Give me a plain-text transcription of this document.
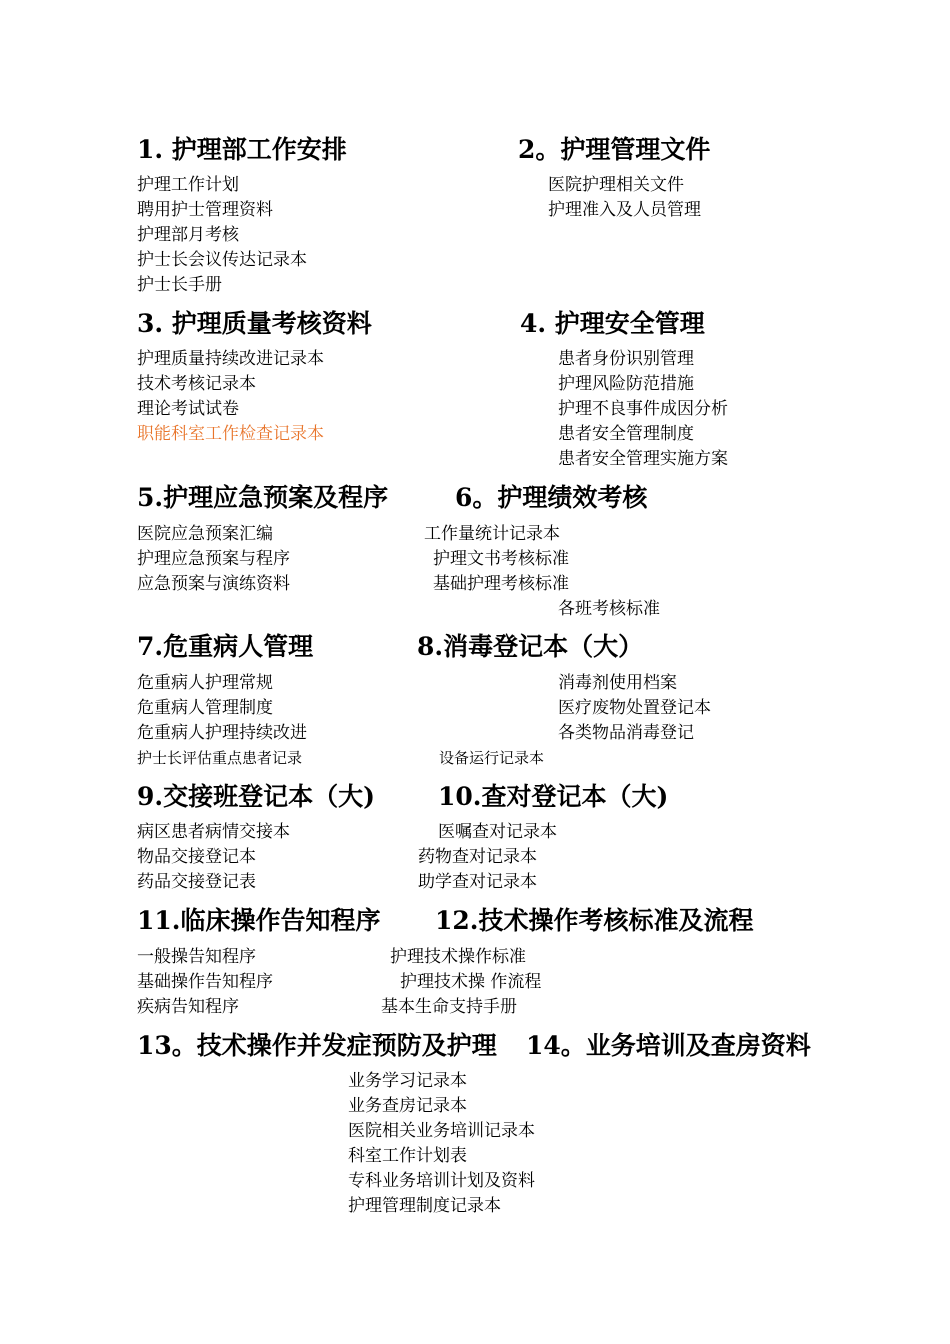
1. 护理部工作安排
护理工作计划
聘用护士管理资料
护理部月考核
护士长会议传达记录本
护士长手册
2。护理管理文件
医院护理相关文件
护理准入及人员管理
3. 护理质量考核资料
护理质量持续改进记录本
技术考核记录本
理论考试试卷
职能科室工作检查记录本
4. 护理安全管理
患者身份识别管理
护理风险防范措施
护理不良事件成因分析
患者安全管理制度
患者安全管理实施方案
5.护理应急预案及程序
医院应急预案汇编
护理应急预案与程序
应急预案与演练资料
6。护理绩效考核
工作量统计记录本
护理文书考核标准
基础护理考核标准
各班考核标准
7.危重病人管理
危重病人护理常规
危重病人管理制度
危重病人护理持续改进
护士长评估重点患者记录
8.消毒登记本（大）
消毒剂使用档案
医疗废物处置登记本
各类物品消毒登记
设备运行记录本
9.交接班登记本（大)
病区患者病情交接本
物品交接登记本
药品交接登记表
10.查对登记本（大)
医嘱查对记录本
药物查对记录本
助学查对记录本
11.临床操作告知程序
一般操告知程序
基础操作告知程序
疾病告知程序
12.技术操作考核标准及流程
护理技术操作标准
护理技术操 作流程
基本生命支持手册
13。技术操作并发症预防及护理 14。业务培训及查房资料
业务学习记录本
业务查房记录本
医院相关业务培训记录本
科室工作计划表
专科业务培训计划及资料
护理管理制度记录本
